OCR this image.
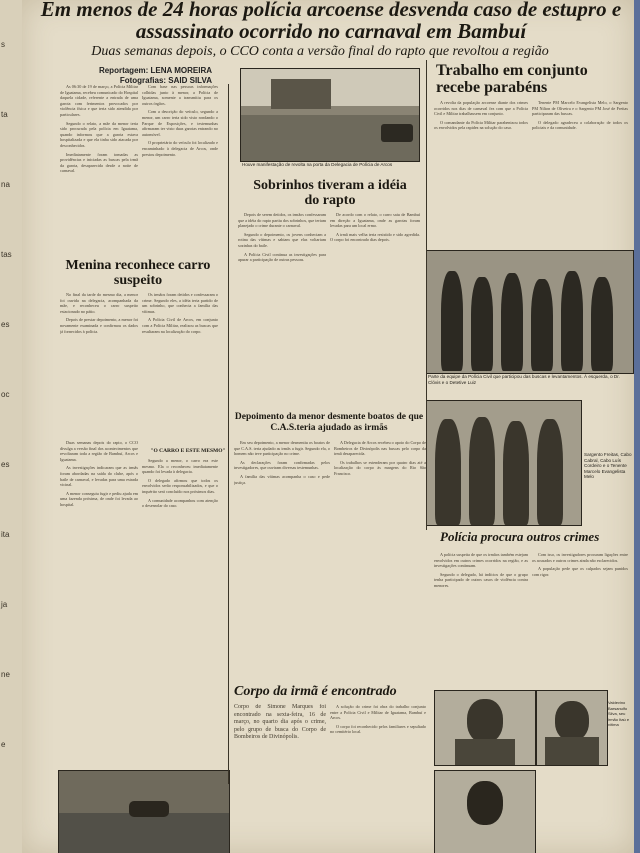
s
ta
na
tas
es
oc
es
ita
ja
ne
e
Em menos de 24 horas polícia arcoense desvenda caso de estupro e assassinato ocorrido no carnaval em Bambuí
Duas semanas depois, o CCO conta a versão final do rapto que revoltou a região
Reportagem: LENA MOREIRA
Fotografias: SAID SILVA

As 06:30 de 19 de março, a Polícia Militar de Iguatama, recebeu comunicado do Hospital daquela cidade, referente a entrada de uma garota com ferimentos provocados por violência física e que teria sido atendida por particulares.

Segundo o relato, a mãe da menor teria sido procurada pela polícia em Iguatama, quando informou que a garota estava hospitalizada e que ela tinha sido atacada por desconhecidos.

Imediatamente foram tomadas as providências e iniciadas as buscas pela irmã da garota, desaparecida desde a noite de carnaval.

Com base nas pessoas informações colhidas junto à menor, a Polícia de Iguatama, somente a transmitiu para os outros órgãos.

Com a descrição do veículo, segundo a menor, um carro teria sido visto rondando o Parque de Exposições, e testemunhas afirmaram ter visto duas garotas entrando no automóvel.

O proprietário do veículo foi localizado e encaminhado à delegacia de Arcos, onde prestou depoimento.

Menina reconhece carro suspeito

No final da tarde do mesmo dia, a menor foi ouvida na delegacia, acompanhada da mãe, e reconheceu o carro suspeito estacionado no pátio.

Depois de prestar depoimento, a menor foi novamente examinada e confirmou os dados já fornecidos à polícia.

Os irmãos foram detidos e confessaram o crime. Segundo eles, a idéia teria partido de um sobrinho, que conhecia a família das vítimas.

A Polícia Civil de Arcos, em conjunto com a Polícia Militar, realizou as buscas que resultaram na localização do corpo.

"O CARRO E ESTE MESMO"

Duas semanas depois do rapto, o CCO divulga a versão final dos acontecimentos que revoltaram toda a região de Bambuí, Arcos e Iguatama.

As investigações indicaram que as irmãs foram abordadas na saída do clube, após o baile de carnaval, e levadas para uma estrada vicinal.

A menor conseguiu fugir e pediu ajuda em uma fazenda próxima, de onde foi levada ao hospital.

Segundo a menor, o carro era este mesmo. Ela o reconheceu imediatamente quando foi levada à delegacia.

O delegado afirmou que todos os envolvidos serão responsabilizados, e que o inquérito será concluído nos próximos dias.

A comunidade acompanhou com atenção o desenrolar do caso.

Houve manifestação de revolta na porta da Delegacia de Polícia de Arcos
Sobrinhos tiveram a idéia do rapto

Depois de serem detidos, os irmãos confessaram que a idéia do rapto partiu dos sobrinhos, que teriam planejado o crime durante o carnaval.

Segundo o depoimento, os jovens conheciam a rotina das vítimas e sabiam que elas voltariam sozinhas do baile.

A Polícia Civil continua as investigações para apurar a participação de outras pessoas.

De acordo com o relato, o carro saiu de Bambuí em direção a Iguatama, onde as garotas foram levadas para um local ermo.

A irmã mais velha teria resistido e sido agredida. O corpo foi encontrado dias depois.

Depoimento da menor desmente boatos de que C.A.S.teria ajudado as irmãs

Em seu depoimento, a menor desmentiu os boatos de que C.A.S. teria ajudado as irmãs a fugir. Segundo ela, o homem não teve participação no crime.

As declarações foram confirmadas pelos investigadores, que ouviram diversas testemunhas.

A família das vítimas acompanha o caso e pede justiça.

A Delegacia de Arcos recebeu o apoio do Corpo de Bombeiros de Divinópolis nas buscas pelo corpo da irmã desaparecida.

Os trabalhos se estenderam por quatro dias até a localização do corpo às margens do Rio São Francisco.

Corpo da irmã é encontrado
Corpo de Simone Marques foi encontrado na sexta-feira, 16 de março, no quarto dia após o crime, pelo grupo de busca do Corpo de Bombeiros de Divinópolis.

A solução do crime foi obra do trabalho conjunto entre a Polícia Civil e Militar de Iguatama, Bambuí e Arcos.

O corpo foi reconhecido pelos familiares e sepultado no cemitério local.

Trabalho em conjunto recebe parabéns

A revolta da população arcoense diante dos crimes ocorridos nos dias de carnaval fez com que a Polícia Civil e Militar trabalhassem em conjunto.

O comandante da Polícia Militar parabenizou todos os envolvidos pela rapidez na solução do caso.

Tenente PM Marcelo Evangelista Melo, o Sargento PM Nilton de Oliveira e o Sargento PM José de Freitas participaram das buscas.

O delegado agradeceu a colaboração de todos os policiais e da comunidade.

Parte da equipe da Polícia Civil que participou das buscas e levantamentos. À esquerda, o Dr. Clóvis e o Detetive Luiz
Sargento Freitas, Cabo Cabral, Cabo Luís Cordeiro e o Tenente Marcelo Evangelista Melo
Polícia procura outros crimes

A polícia suspeita de que os irmãos também estejam envolvidos em outros crimes ocorridos na região, e as investigações continuam.

Segundo o delegado, há indícios de que o grupo tenha participado de outros casos de violência contra menores.

Com isso, os investigadores procuram ligações entre os acusados e outros crimes ainda não esclarecidos.

A população pede que os culpados sejam punidos com rigor.

Valdevino Barsanulfo Silva, seu irmão Itaú e vítima
